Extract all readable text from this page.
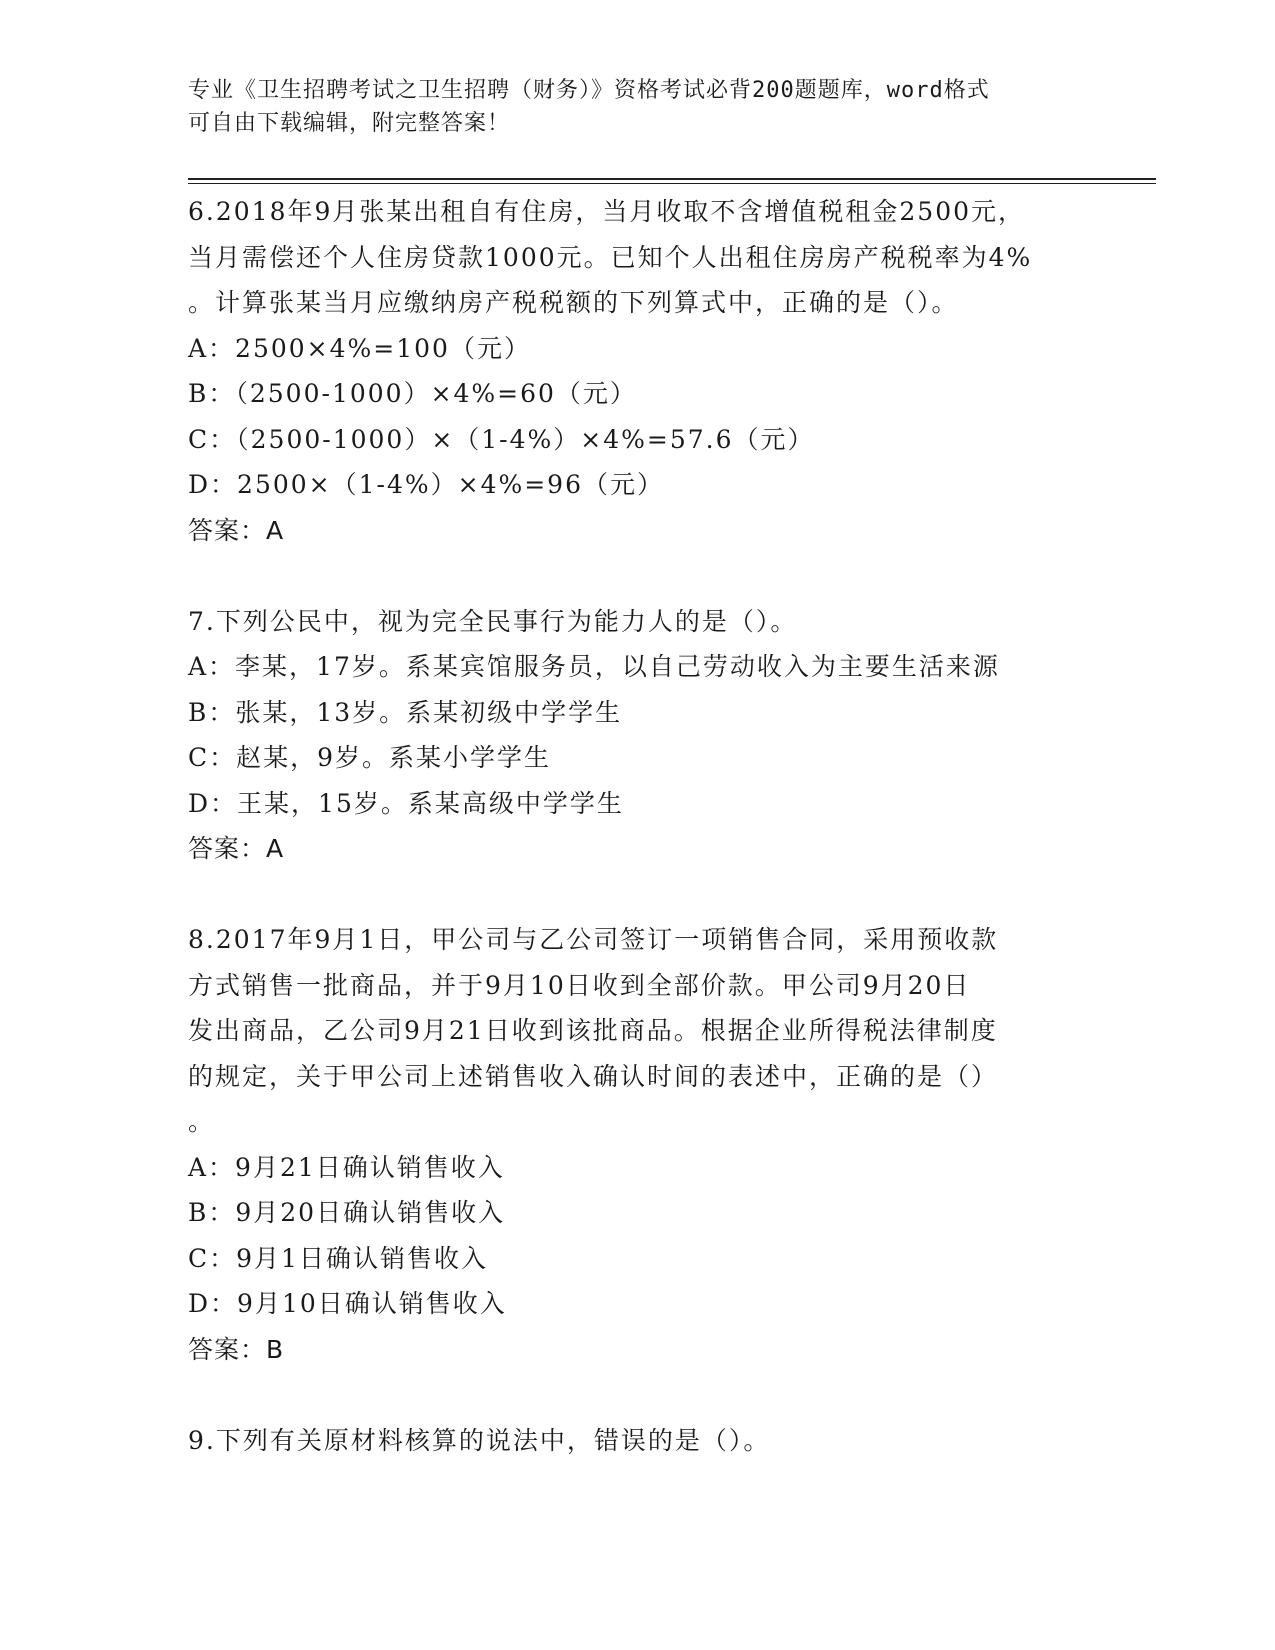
专业《卫生招聘考试之卫生招聘（财务）》资格考试必背200题题库，word格式
可自由下载编辑，附完整答案！
6.2018年9月张某出租自有住房，当月收取不含增值税租金2500元，
当月需偿还个人住房贷款1000元。已知个人出租住房房产税税率为4%
。计算张某当月应缴纳房产税税额的下列算式中，正确的是（）。
A：2500×4%=100（元）
B：（2500-1000）×4%=60（元）
C：（2500-1000）×（1-4%）×4%=57.6（元）
D：2500×（1-4%）×4%=96（元）
答案：A
7.下列公民中，视为完全民事行为能力人的是（）。
A：李某，17岁。系某宾馆服务员，以自己劳动收入为主要生活来源
B：张某，13岁。系某初级中学学生
C：赵某，9岁。系某小学学生
D：王某，15岁。系某高级中学学生
答案：A
8.2017年9月1日，甲公司与乙公司签订一项销售合同，采用预收款
方式销售一批商品，并于9月10日收到全部价款。甲公司9月20日
发出商品，乙公司9月21日收到该批商品。根据企业所得税法律制度
的规定，关于甲公司上述销售收入确认时间的表述中，正确的是（）
。
A：9月21日确认销售收入
B：9月20日确认销售收入
C：9月1日确认销售收入
D：9月10日确认销售收入
答案：B
9.下列有关原材料核算的说法中，错误的是（）。
